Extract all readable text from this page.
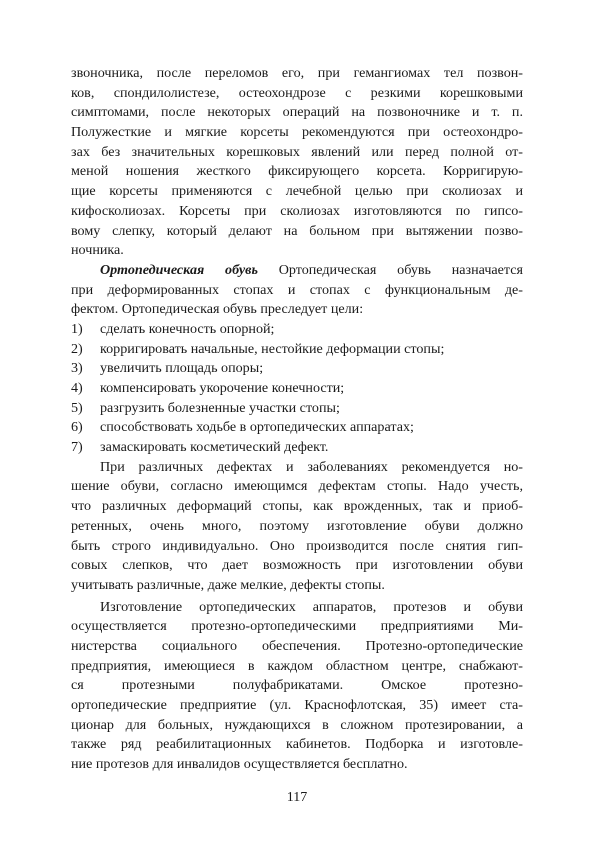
звоночника, после переломов его, при гемангиомах тел позвон-
ков, спондилолистезе, остеохондрозе с резкими корешковыми
симптомами, после некоторых операций на позвоночнике и т. п.
Полужесткие и мягкие корсеты рекомендуются при остеохондро-
зах без значительных корешковых явлений или перед полной от-
меной ношения жесткого фиксирующего корсета. Корригирую-
щие корсеты применяются с лечебной целью при сколиозах и
кифосколиозах. Корсеты при сколиозах изготовляются по гипсо-
вому слепку, который делают на больном при вытяжении позво-
ночника.
Ортопедическая обувь Ортопедическая обувь назначается
при деформированных стопах и стопах с функциональным де-
фектом. Ортопедическая обувь преследует цели:
1)	сделать конечность опорной;
2)	корригировать начальные, нестойкие деформации стопы;
3)	увеличить площадь опоры;
4)	компенсировать укорочение конечности;
5)	разгрузить болезненные участки стопы;
6)	способствовать ходьбе в ортопедических аппаратах;
7)	замаскировать косметический дефект.
При различных дефектах и заболеваниях рекомендуется но-
шение обуви, согласно имеющимся дефектам стопы. Надо учесть,
что различных деформаций стопы, как врожденных, так и приоб-
ретенных, очень много, поэтому изготовление обуви должно
быть строго индивидуально. Оно производится после снятия гип-
совых слепков, что дает возможность при изготовлении обуви
учитывать различные, даже мелкие, дефекты стопы.
Изготовление ортопедических аппаратов, протезов и обуви
осуществляется протезно-ортопедическими предприятиями Ми-
нистерства социального обеспечения. Протезно-ортопедические
предприятия, имеющиеся в каждом областном центре, снабжают-
ся протезными полуфабрикатами. Омское протезно-
ортопедические предприятие (ул. Краснофлотская, 35) имеет ста-
ционар для больных, нуждающихся в сложном протезировании, а
также ряд реабилитационных кабинетов. Подборка и изготовле-
ние протезов для инвалидов осуществляется бесплатно.
117
